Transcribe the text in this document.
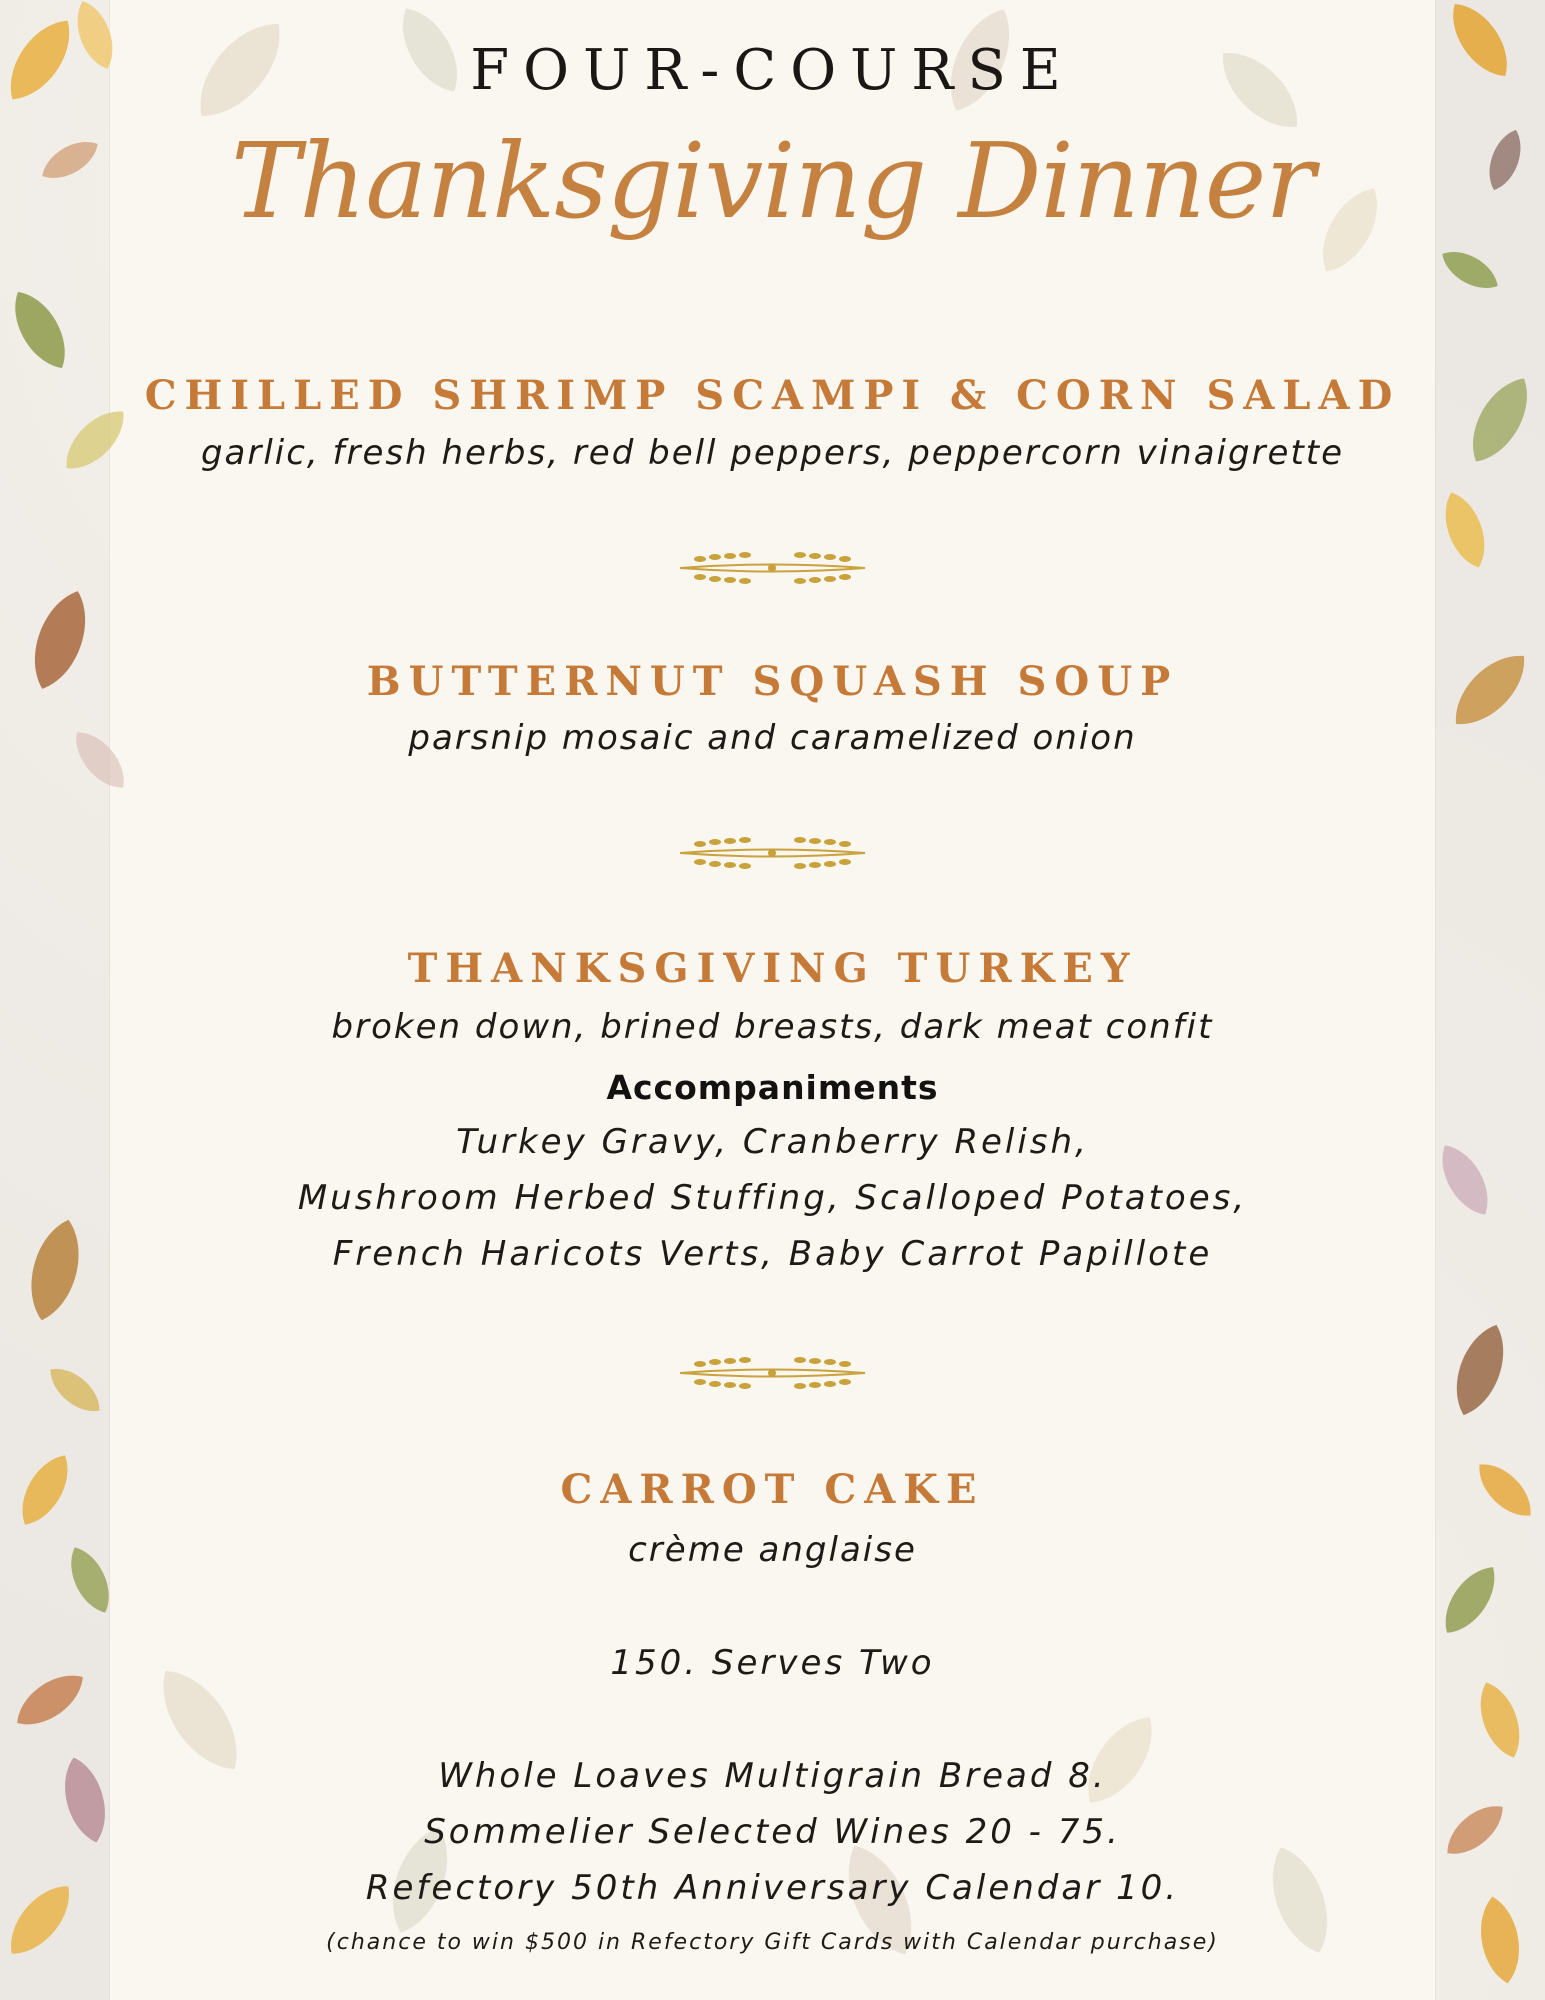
FOUR-COURSE
Thanksgiving Dinner
CHILLED SHRIMP SCAMPI & CORN SALAD
garlic, fresh herbs, red bell peppers, peppercorn vinaigrette
BUTTERNUT SQUASH SOUP
parsnip mosaic and caramelized onion
THANKSGIVING TURKEY
broken down, brined breasts, dark meat confit
Accompaniments
Turkey Gravy, Cranberry Relish,
Mushroom Herbed Stuffing, Scalloped Potatoes,
French Haricots Verts, Baby Carrot Papillote
CARROT CAKE
crème anglaise
150. Serves Two
Whole Loaves Multigrain Bread 8.
Sommelier Selected Wines 20 - 75.
Refectory 50th Anniversary Calendar 10.
(chance to win $500 in Refectory Gift Cards with Calendar purchase)
